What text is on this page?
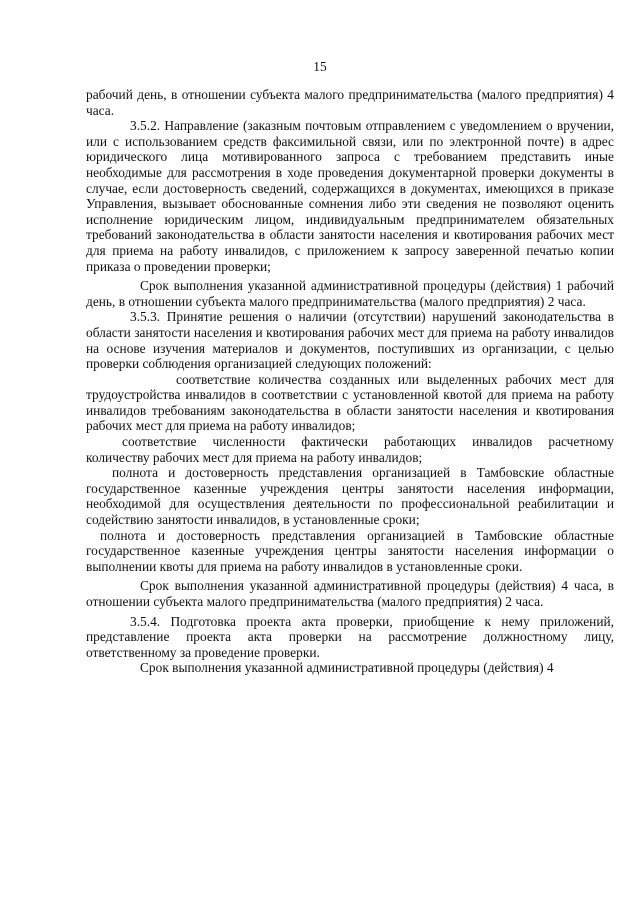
15

рабочий день, в отношении субъекта малого предпринимательства (малого предприятия) 4 часа.

3.5.2. Направление (заказным почтовым отправлением с уведомлением о вручении, или с использованием средств факсимильной связи, или по электронной почте) в адрес юридического лица мотивированного запроса с требованием представить иные необходимые для рассмотрения в ходе проведения документарной проверки документы в случае, если достоверность сведений, содержащихся в документах, имеющихся в приказе Управления, вызывает обоснованные сомнения либо эти сведения не позволяют оценить исполнение юридическим лицом, индивидуальным предпринимателем обязательных требований законодательства в области занятости населения и квотирования рабочих мест для приема на работу инвалидов, с приложением к запросу заверенной печатью копии приказа о проведении проверки;

Срок выполнения указанной административной процедуры (действия) 1 рабочий день, в отношении субъекта малого предпринимательства (малого предприятия) 2 часа.

3.5.3. Принятие решения о наличии (отсутствии) нарушений законодательства в области занятости населения и квотирования рабочих мест для приема на работу инвалидов на основе изучения материалов и документов, поступивших из организации, с целью проверки соблюдения организацией следующих положений:

соответствие количества созданных или выделенных рабочих мест для трудоустройства инвалидов в соответствии с установленной квотой для приема на работу инвалидов требованиям законодательства в области занятости населения и квотирования рабочих мест для приема на работу инвалидов;

соответствие численности фактически работающих инвалидов расчетному количеству рабочих мест для приема на работу инвалидов;

полнота и достоверность представления организацией в Тамбовские областные государственное казенные учреждения центры занятости населения информации, необходимой для осуществления деятельности по профессиональной реабилитации и содействию занятости инвалидов, в установленные сроки;

полнота и достоверность представления организацией в Тамбовские областные государственное казенные учреждения центры занятости населения информации о выполнении квоты для приема на работу инвалидов в установленные сроки.

Срок выполнения указанной административной процедуры (действия) 4 часа, в отношении субъекта малого предпринимательства (малого предприятия) 2 часа.

3.5.4. Подготовка проекта акта проверки, приобщение к нему приложений, представление проекта акта проверки на рассмотрение должностному лицу, ответственному за проведение проверки.

Срок выполнения указанной административной процедуры (действия) 4
